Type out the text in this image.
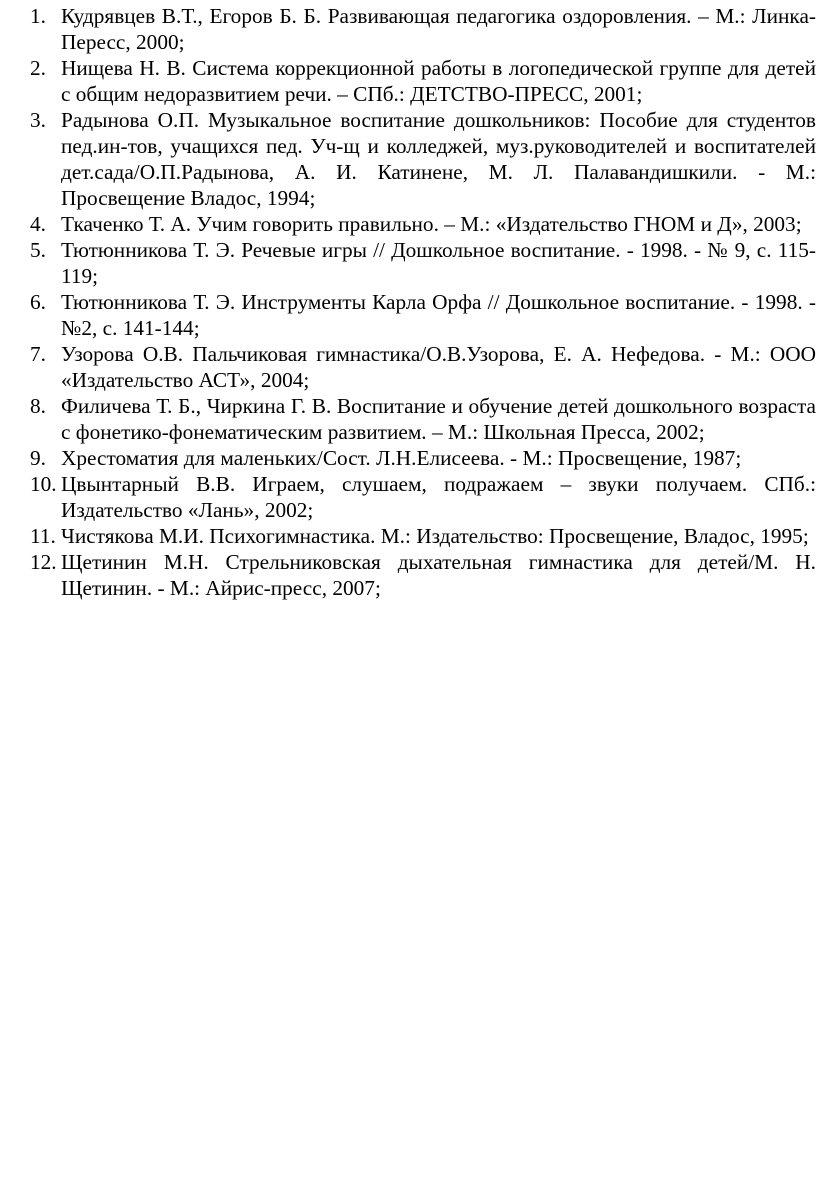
1. Кудрявцев В.Т., Егоров Б. Б. Развивающая педагогика оздоровления. – М.: Линка-Пересс, 2000;
2. Нищева Н. В. Система коррекционной работы в логопедической группе для детей с общим недоразвитием речи. – СПб.: ДЕТСТВО-ПРЕСС, 2001;
3. Радынова О.П. Музыкальное воспитание дошкольников: Пособие для студентов пед.ин-тов, учащихся пед. Уч-щ и колледжей, муз.руководителей и воспитателей дет.сада/О.П.Радынова, А. И. Катинене, М. Л. Палавандишкили. - М.: Просвещение Владос, 1994;
4. Ткаченко Т. А. Учим говорить правильно. – М.: «Издательство ГНОМ и Д», 2003;
5. Тютюнникова Т. Э. Речевые игры // Дошкольное воспитание. - 1998. - № 9, с. 115-119;
6. Тютюнникова Т. Э. Инструменты Карла Орфа // Дошкольное воспитание. - 1998. - №2, с. 141-144;
7. Узорова О.В. Пальчиковая гимнастика/О.В.Узорова, Е. А. Нефедова. - М.: ООО «Издательство АСТ», 2004;
8. Филичева Т. Б., Чиркина Г. В. Воспитание и обучение детей дошкольного возраста с фонетико-фонематическим развитием. – М.: Школьная Пресса, 2002;
9. Хрестоматия для маленьких/Сост. Л.Н.Елисеева. - М.: Просвещение, 1987;
10. Цвынтарный В.В. Играем, слушаем, подражаем – звуки получаем. СПб.: Издательство «Лань», 2002;
11. Чистякова М.И. Психогимнастика. М.: Издательство: Просвещение, Владос, 1995;
12. Щетинин М.Н. Стрельниковская дыхательная гимнастика для детей/М. Н. Щетинин. - М.: Айрис-пресс, 2007;
